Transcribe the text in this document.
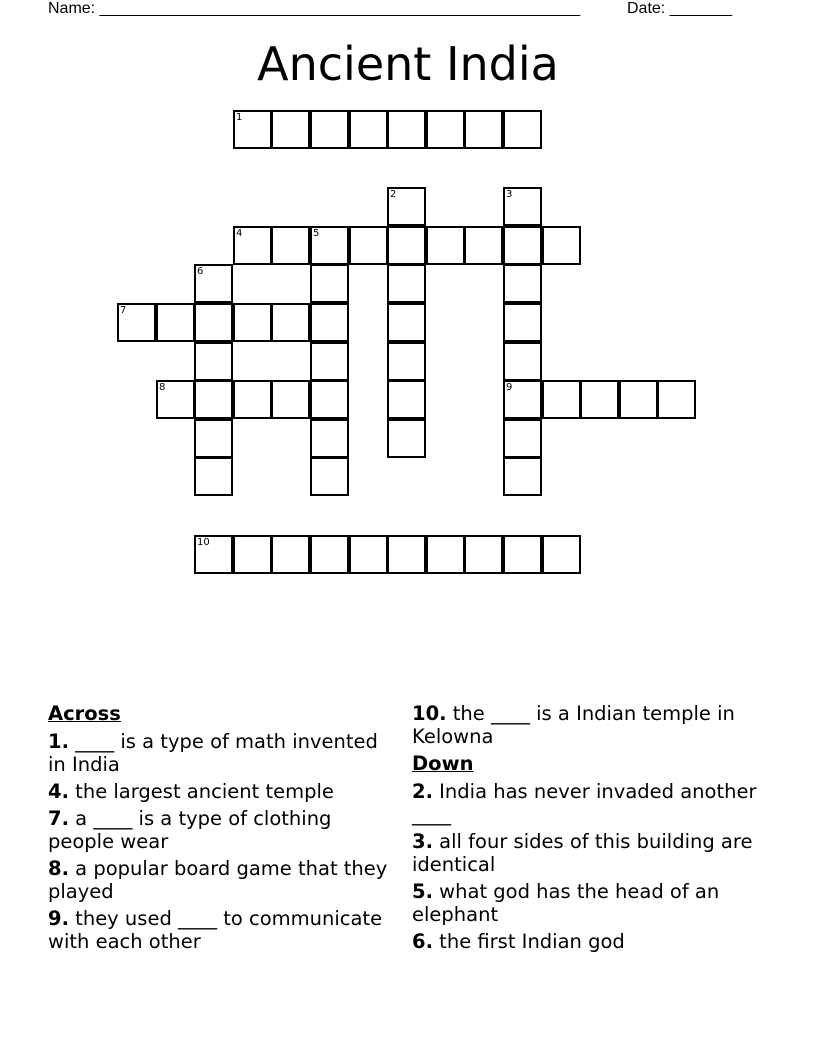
Name: ______________________________________________________	Date: _______
Ancient India
1
2	3
9
4	5
6
7
8
10
Across
1. ____ is a type of math invented in India
4. the largest ancient temple
7. a ____ is a type of clothing people wear
8. a popular board game that they played
9. they used ____ to communicate with each other
10. the ____ is a Indian temple in Kelowna
Down
2. India has never invaded another ____
3. all four sides of this building are identical
5. what god has the head of an elephant
6. the first Indian god
